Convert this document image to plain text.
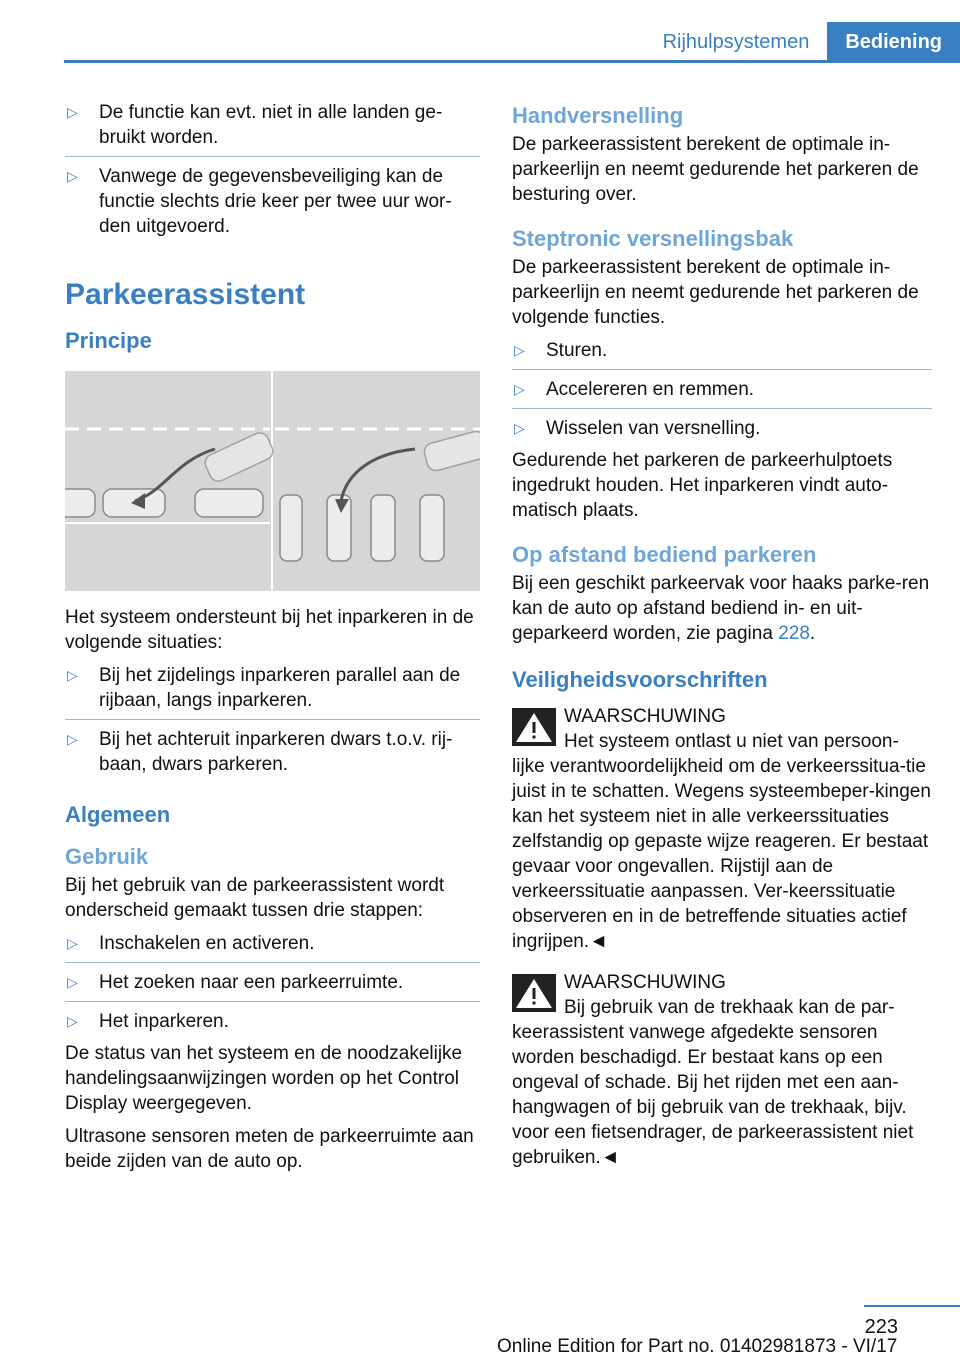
Rijhulpsystemen	Bediening
▷ De functie kan evt. niet in alle landen ge-bruikt worden.
▷ Vanwege de gegevensbeveiliging kan de functie slechts drie keer per twee uur wor-den uitgevoerd.
Parkeerassistent
Principe

Het systeem ondersteunt bij het inparkeren in de volgende situaties:

▷ Bij het zijdelings inparkeren parallel aan de rijbaan, langs inparkeren.
▷ Bij het achteruit inparkeren dwars t.o.v. rij-baan, dwars parkeren.
Algemeen
Gebruik

Bij het gebruik van de parkeerassistent wordt onderscheid gemaakt tussen drie stappen:

▷ Inschakelen en activeren.
▷ Het zoeken naar een parkeerruimte.
▷ Het inparkeren.

De status van het systeem en de noodzakelijke handelingsaanwijzingen worden op het Control Display weergegeven.

Ultrasone sensoren meten de parkeerruimte aan beide zijden van de auto op.

Handversnelling

De parkeerassistent berekent de optimale in-parkeerlijn en neemt gedurende het parkeren de besturing over.

Steptronic versnellingsbak

De parkeerassistent berekent de optimale in-parkeerlijn en neemt gedurende het parkeren de volgende functies.

▷ Sturen.
▷ Accelereren en remmen.
▷ Wisselen van versnelling.

Gedurende het parkeren de parkeerhulptoets ingedrukt houden. Het inparkeren vindt auto-matisch plaats.

Op afstand bediend parkeren

Bij een geschikt parkeervak voor haaks parke-ren kan de auto op afstand bediend in- en uit-geparkeerd worden, zie pagina 228.

Veiligheidsvoorschriften
WAARSCHUWING
Het systeem ontlast u niet van persoon-

lijke verantwoordelijkheid om de verkeerssitua-tie juist in te schatten. Wegens systeembeper-kingen kan het systeem niet in alle verkeerssituaties zelfstandig op gepaste wijze reageren. Er bestaat gevaar voor ongevallen. Rijstijl aan de verkeerssituatie aanpassen. Ver-keerssituatie observeren en in de betreffende situaties actief ingrijpen.◄

WAARSCHUWING
Bij gebruik van de trekhaak kan de par-

keerassistent vanwege afgedekte sensoren worden beschadigd. Er bestaat kans op een ongeval of schade. Bij het rijden met een aan-hangwagen of bij gebruik van de trekhaak, bijv. voor een fietsendrager, de parkeerassistent niet gebruiken.◄

223
Online Edition for Part no. 01402981873 - VI/17
